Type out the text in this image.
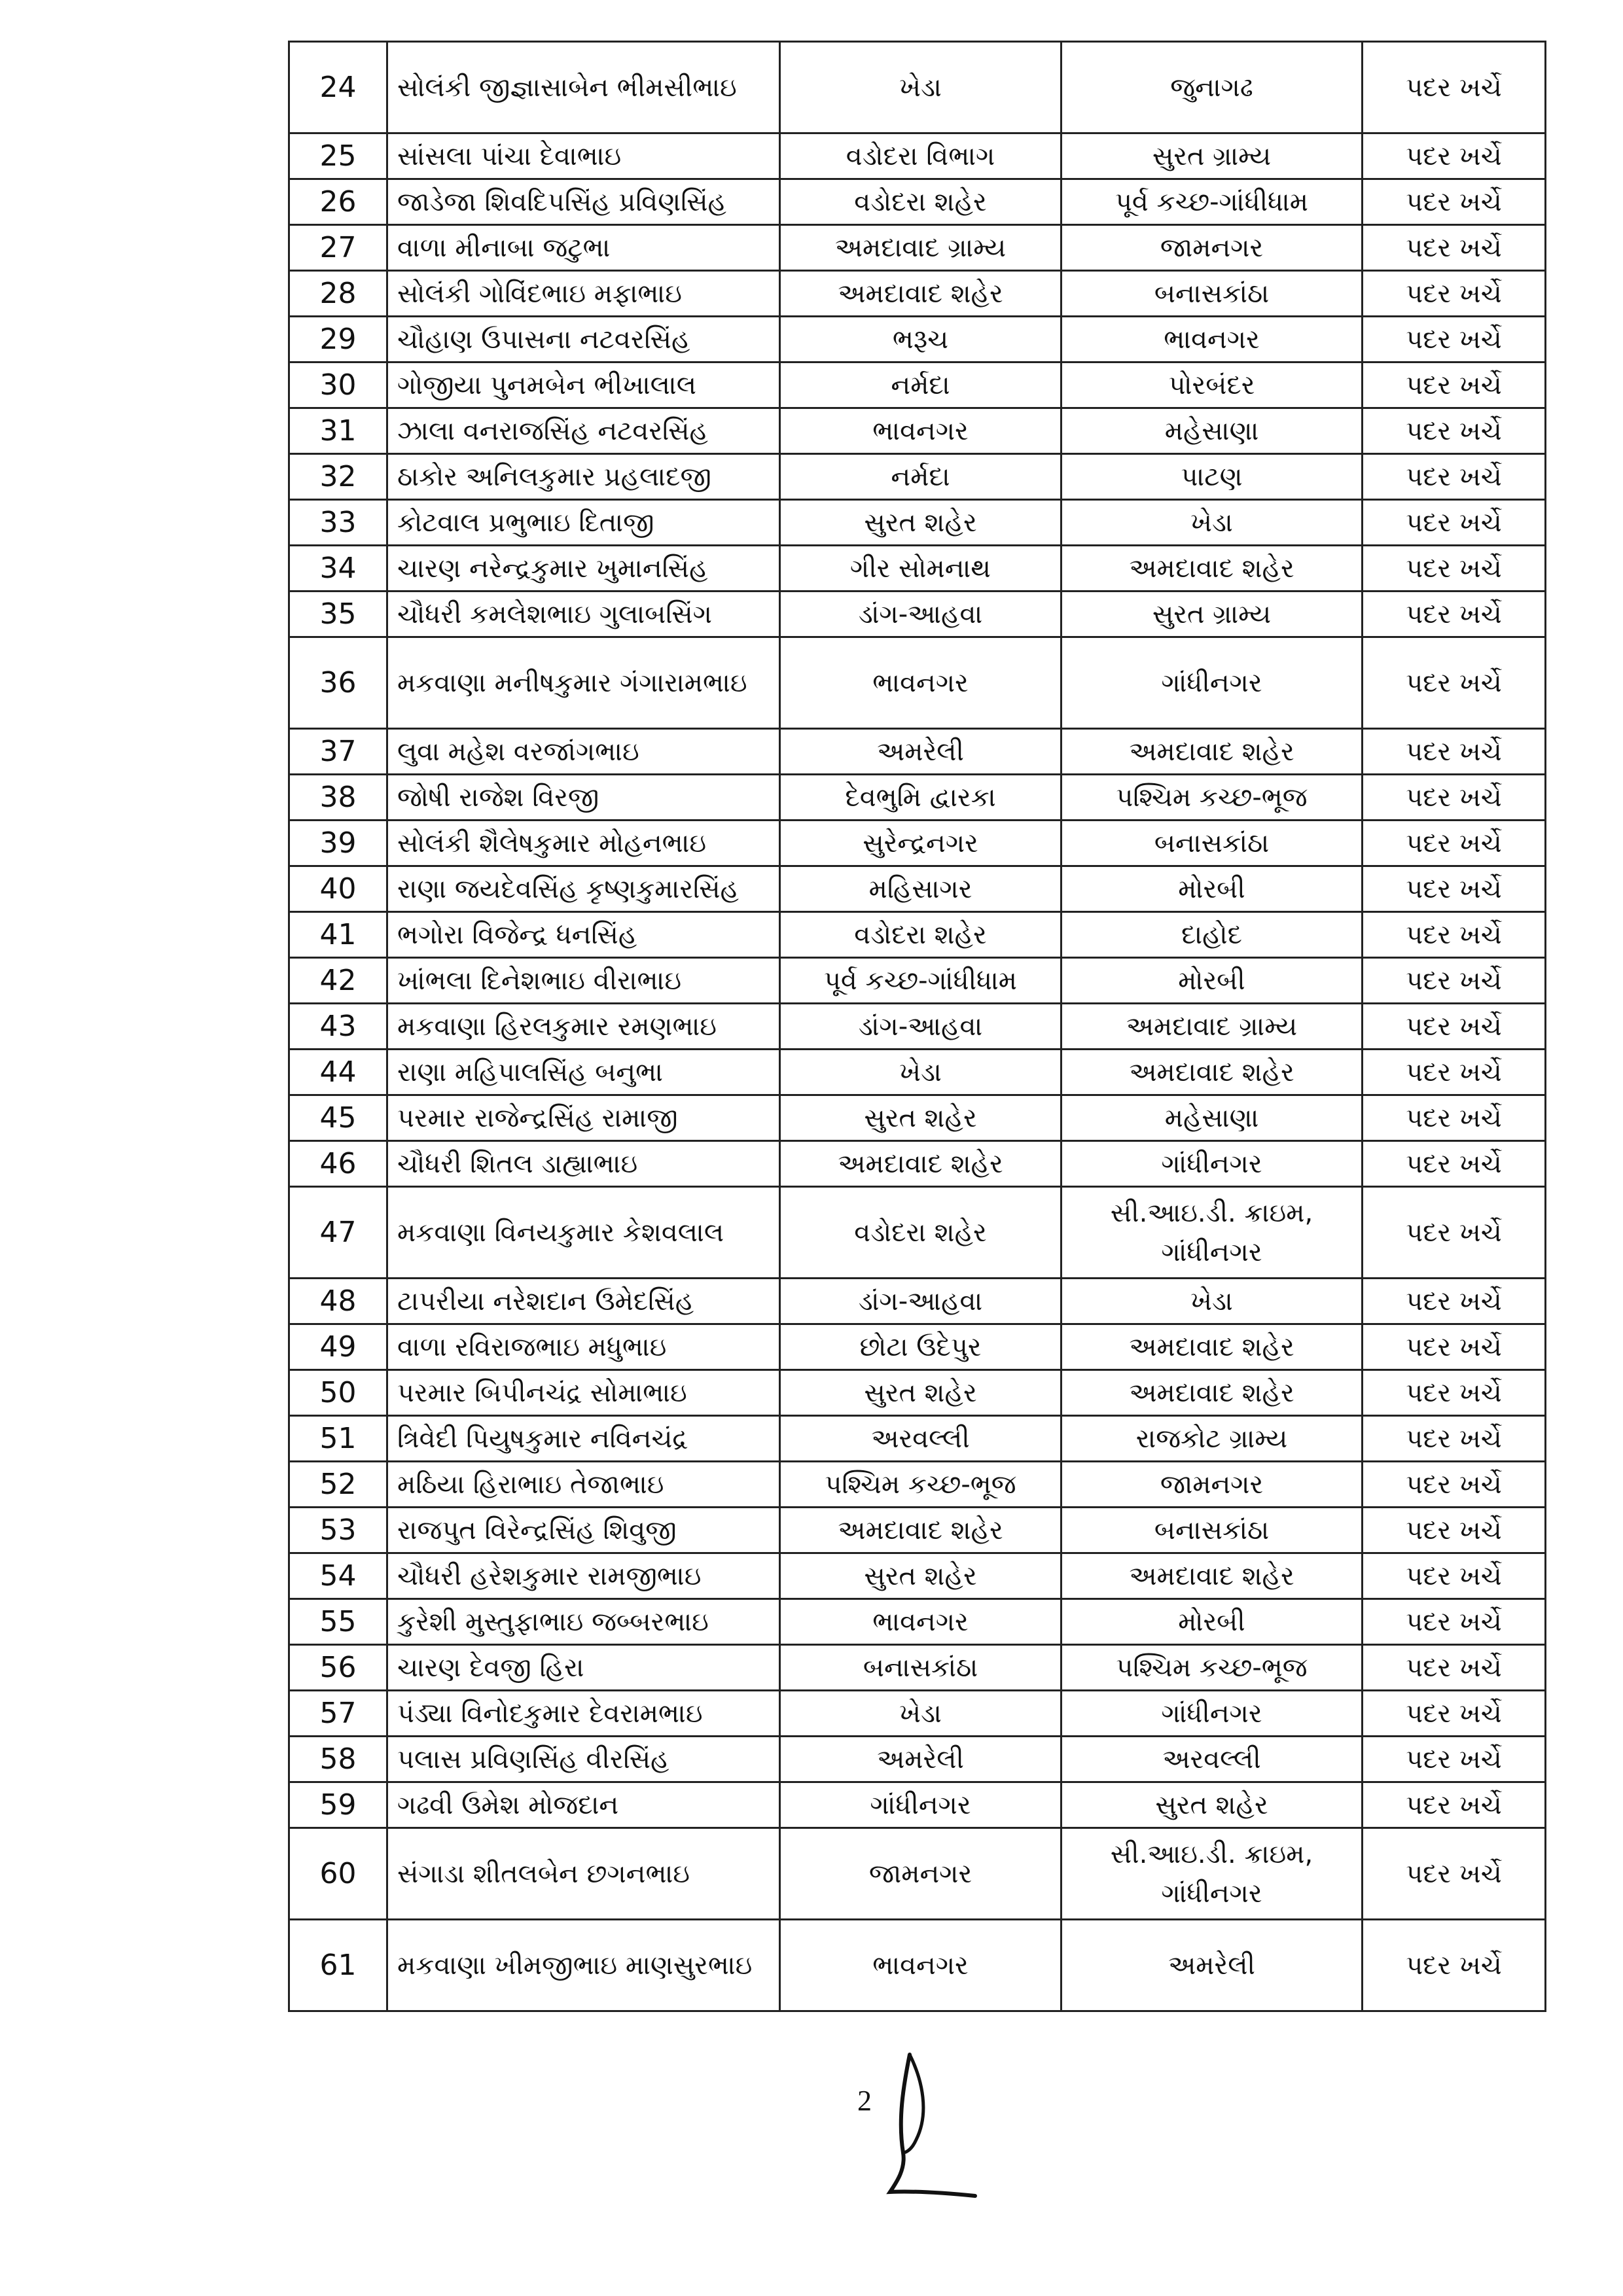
24	સોલંકી જીજ્ઞાસાબેન ભીમસીભાઇ	ખેડા	જુનાગઢ	પદર ખર્ચે
25	સાંસલા પાંચા દેવાભાઇ	વડોદરા વિભાગ	સુરત ગ્રામ્ય	પદર ખર્ચે
26	જાડેજા શિવદિપસિંહ પ્રવિણસિંહ	વડોદરા શહેર	પૂર્વ કચ્છ-ગાંધીધામ	પદર ખર્ચે
27	વાળા મીનાબા જટુભા	અમદાવાદ ગ્રામ્ય	જામનગર	પદર ખર્ચે
28	સોલંકી ગોવિંદભાઇ મફાભાઇ	અમદાવાદ શહેર	બનાસકાંઠા	પદર ખર્ચે
29	ચૌહાણ ઉપાસના નટવરસિંહ	ભરૂચ	ભાવનગર	પદર ખર્ચે
30	ગોજીયા પુનમબેન ભીખાલાલ	નર્મદા	પોરબંદર	પદર ખર્ચે
31	ઝાલા વનરાજસિંહ નટવરસિંહ	ભાવનગર	મહેસાણા	પદર ખર્ચે
32	ઠાકોર અનિલકુમાર પ્રહલાદજી	નર્મદા	પાટણ	પદર ખર્ચે
33	કોટવાલ પ્રભુભાઇ દિતાજી	સુરત શહેર	ખેડા	પદર ખર્ચે
34	ચારણ નરેન્દ્રકુમાર ખુમાનસિંહ	ગીર સોમનાથ	અમદાવાદ શહેર	પદર ખર્ચે
35	ચૌધરી કમલેશભાઇ ગુલાબસિંગ	ડાંગ-આહવા	સુરત ગ્રામ્ય	પદર ખર્ચે
36	મકવાણા મનીષકુમાર ગંગારામભાઇ	ભાવનગર	ગાંધીનગર	પદર ખર્ચે
37	લુવા મહેશ વરજાંગભાઇ	અમરેલી	અમદાવાદ શહેર	પદર ખર્ચે
38	જોષી રાજેશ વિરજી	દેવભુમિ દ્વારકા	પશ્ચિમ કચ્છ-ભૂજ	પદર ખર્ચે
39	સોલંકી શૈલેષકુમાર મોહનભાઇ	સુરેન્દ્રનગર	બનાસકાંઠા	પદર ખર્ચે
40	રાણા જયદેવસિંહ કૃષ્ણકુમારસિંહ	મહિસાગર	મોરબી	પદર ખર્ચે
41	ભગોરા વિજેન્દ્ર ધનસિંહ	વડોદરા શહેર	દાહોદ	પદર ખર્ચે
42	ખાંભલા દિનેશભાઇ વીરાભાઇ	પૂર્વ કચ્છ-ગાંધીધામ	મોરબી	પદર ખર્ચે
43	મકવાણા હિરલકુમાર રમણભાઇ	ડાંગ-આહવા	અમદાવાદ ગ્રામ્ય	પદર ખર્ચે
44	રાણા મહિપાલસિંહ બનુભા	ખેડા	અમદાવાદ શહેર	પદર ખર્ચે
45	પરમાર રાજેન્દ્રસિંહ રામાજી	સુરત શહેર	મહેસાણા	પદર ખર્ચે
46	ચૌધરી શિતલ ડાહ્યાભાઇ	અમદાવાદ શહેર	ગાંધીનગર	પદર ખર્ચે
47	મકવાણા વિનયકુમાર કેશવલાલ	વડોદરા શહેર	સી.આઇ.ડી. ક્રાઇમ, ગાંધીનગર	પદર ખર્ચે
48	ટાપરીયા નરેશદાન ઉમેદસિંહ	ડાંગ-આહવા	ખેડા	પદર ખર્ચે
49	વાળા રવિરાજભાઇ મધુભાઇ	છોટા ઉદેપુર	અમદાવાદ શહેર	પદર ખર્ચે
50	પરમાર બિપીનચંદ્ર સોમાભાઇ	સુરત શહેર	અમદાવાદ શહેર	પદર ખર્ચે
51	ત્રિવેદી પિયુષકુમાર નવિનચંદ્ર	અરવલ્લી	રાજકોટ ગ્રામ્ય	પદર ખર્ચે
52	મઠિયા હિરાભાઇ તેજાભાઇ	પશ્ચિમ કચ્છ-ભૂજ	જામનગર	પદર ખર્ચે
53	રાજપુત વિરેન્દ્રસિંહ શિવુજી	અમદાવાદ શહેર	બનાસકાંઠા	પદર ખર્ચે
54	ચૌધરી હરેશકુમાર રામજીભાઇ	સુરત શહેર	અમદાવાદ શહેર	પદર ખર્ચે
55	કુરેશી મુસ્તુફાભાઇ જબ્બરભાઇ	ભાવનગર	મોરબી	પદર ખર્ચે
56	ચારણ દેવજી હિરા	બનાસકાંઠા	પશ્ચિમ કચ્છ-ભૂજ	પદર ખર્ચે
57	પંડ્યા વિનોદકુમાર દેવરામભાઇ	ખેડા	ગાંધીનગર	પદર ખર્ચે
58	પલાસ પ્રવિણસિંહ વીરસિંહ	અમરેલી	અરવલ્લી	પદર ખર્ચે
59	ગઢવી ઉમેશ મોજદાન	ગાંધીનગર	સુરત શહેર	પદર ખર્ચે
60	સંગાડા શીતલબેન છગનભાઇ	જામનગર	સી.આઇ.ડી. ક્રાઇમ, ગાંધીનગર	પદર ખર્ચે
61	મકવાણા ખીમજીભાઇ માણસુરભાઇ	ભાવનગર	અમરેલી	પદર ખર્ચે
2
